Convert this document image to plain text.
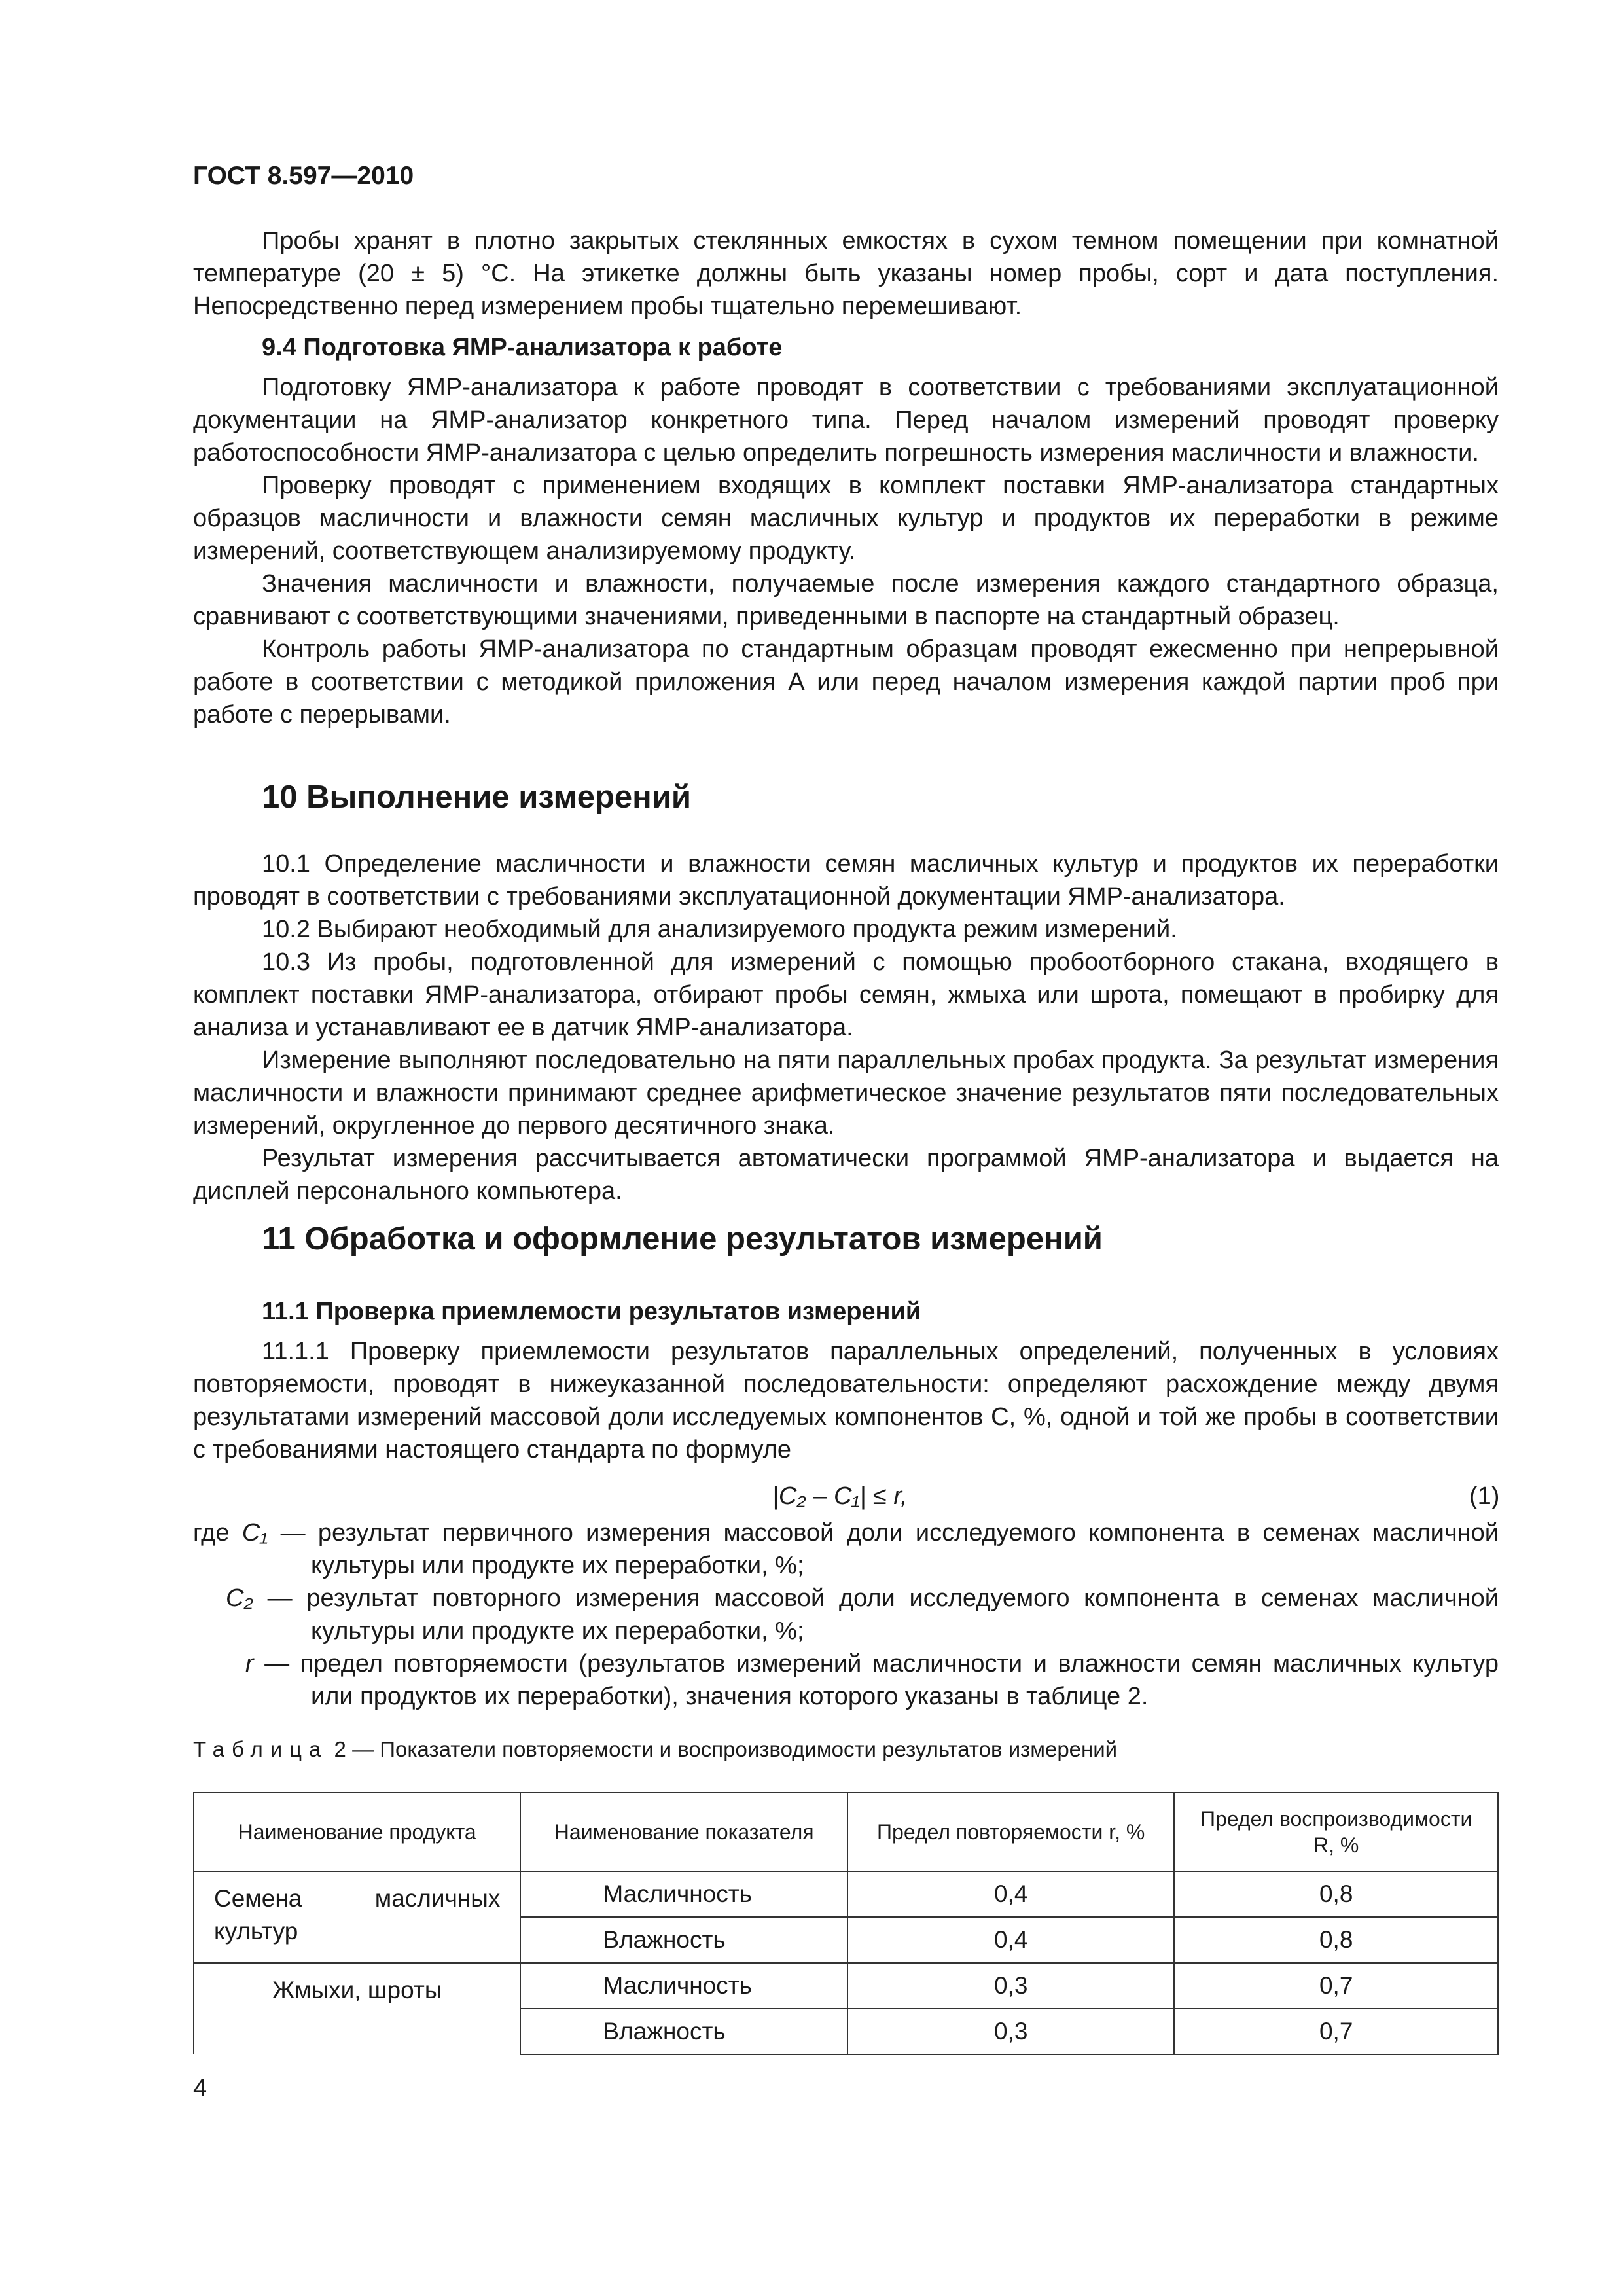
ГОСТ 8.597—2010

Пробы хранят в плотно закрытых стеклянных емкостях в сухом темном помещении при комнатной температуре (20 ± 5) °С. На этикетке должны быть указаны номер пробы, сорт и дата поступления. Непосредственно перед измерением пробы тщательно перемешивают.

9.4 Подготовка ЯМР-анализатора к работе

Подготовку ЯМР-анализатора к работе проводят в соответствии с требованиями эксплуатационной документации на ЯМР-анализатор конкретного типа. Перед началом измерений проводят проверку работоспособности ЯМР-анализатора с целью определить погрешность измерения масличности и влажности.

Проверку проводят с применением входящих в комплект поставки ЯМР-анализатора стандартных образцов масличности и влажности семян масличных культур и продуктов их переработки в режиме измерений, соответствующем анализируемому продукту.

Значения масличности и влажности, получаемые после измерения каждого стандартного образца, сравнивают с соответствующими значениями, приведенными в паспорте на стандартный образец.

Контроль работы ЯМР-анализатора по стандартным образцам проводят ежесменно при непрерывной работе в соответствии с методикой приложения А или перед началом измерения каждой партии проб при работе с перерывами.

10 Выполнение измерений

10.1 Определение масличности и влажности семян масличных культур и продуктов их переработки проводят в соответствии с требованиями эксплуатационной документации ЯМР-анализатора.

10.2 Выбирают необходимый для анализируемого продукта режим измерений.

10.3 Из пробы, подготовленной для измерений с помощью пробоотборного стакана, входящего в комплект поставки ЯМР-анализатора, отбирают пробы семян, жмыха или шрота, помещают в пробирку для анализа и устанавливают ее в датчик ЯМР-анализатора.

Измерение выполняют последовательно на пяти параллельных пробах продукта. За результат измерения масличности и влажности принимают среднее арифметическое значение результатов пяти последовательных измерений, округленное до первого десятичного знака.

Результат измерения рассчитывается автоматически программой ЯМР-анализатора и выдается на дисплей персонального компьютера.

11 Обработка и оформление результатов измерений
11.1 Проверка приемлемости результатов измерений

11.1.1 Проверку приемлемости результатов параллельных определений, полученных в условиях повторяемости, проводят в нижеуказанной последовательности: определяют расхождение между двумя результатами измерений массовой доли исследуемых компонентов С, %, одной и той же пробы в соответствии с требованиями настоящего стандарта по формуле

|C₂ – C₁| ≤ r,	(1)

где C₁ — результат первичного измерения массовой доли исследуемого компонента в семенах масличной культуры или продукте их переработки, %;

C₂ — результат повторного измерения массовой доли исследуемого компонента в семенах масличной культуры или продукте их переработки, %;

r — предел повторяемости (результатов измерений масличности и влажности семян масличных культур или продуктов их переработки), значения которого указаны в таблице 2.

Таблица 2 — Показатели повторяемости и воспроизводимости результатов измерений
Наименование продукта	Наименование показателя	Предел повторяемости r, %	Предел воспроизводимости R, %
Семена масличных культур	Масличность	0,4	0,8
	Влажность	0,4	0,8
Жмыхи, шроты	Масличность	0,3	0,7
	Влажность	0,3	0,7
4
